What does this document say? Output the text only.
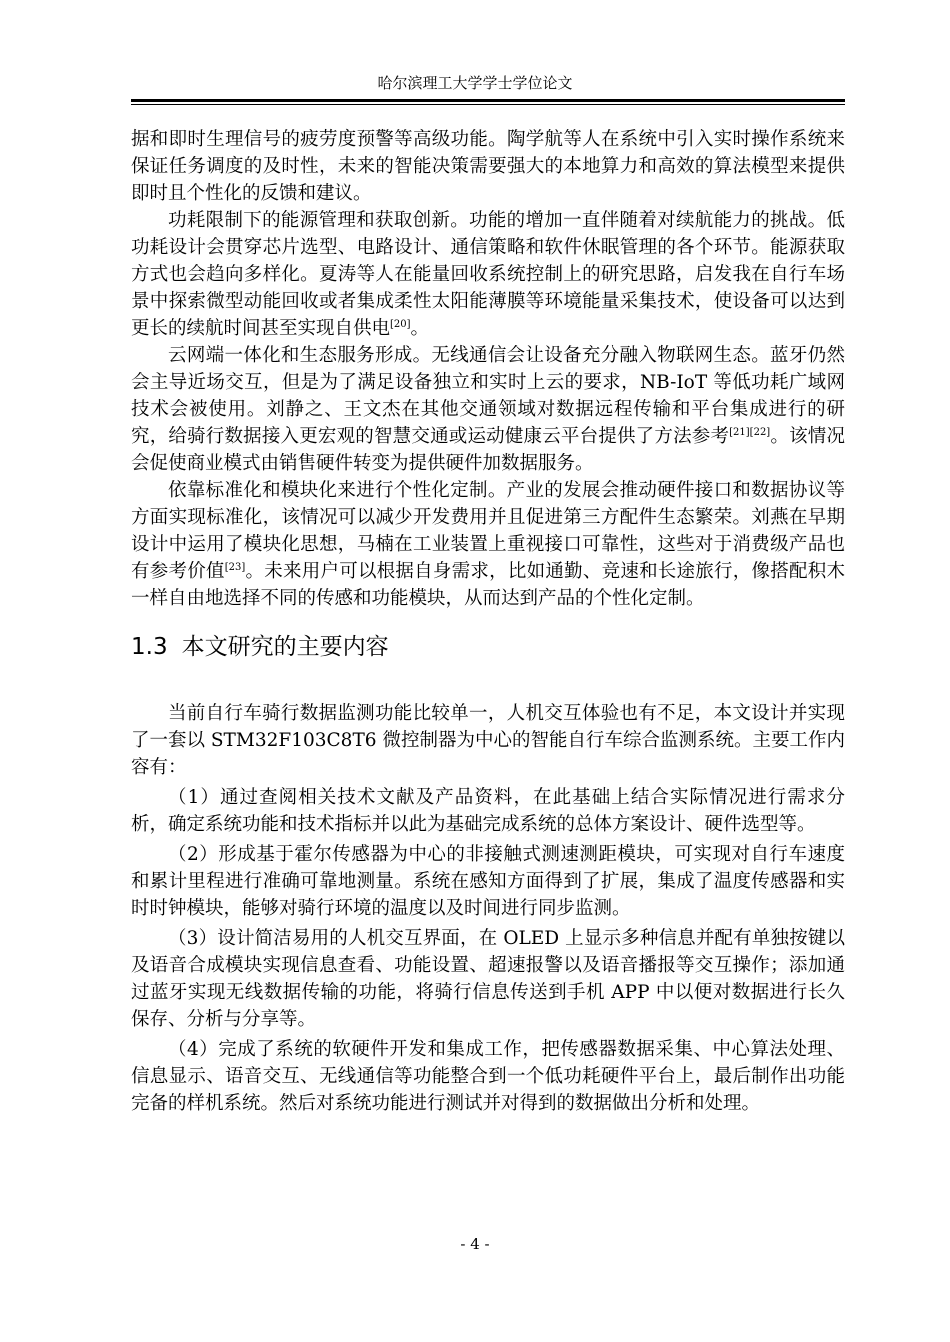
哈尔滨理工大学学士学位论文

据和即时生理信号的疲劳度预警等高级功能。陶学航等人在系统中引入实时操作系统来保证任务调度的及时性，未来的智能决策需要强大的本地算力和高效的算法模型来提供即时且个性化的反馈和建议。

功耗限制下的能源管理和获取创新。功能的增加一直伴随着对续航能力的挑战。低功耗设计会贯穿芯片选型、电路设计、通信策略和软件休眠管理的各个环节。能源获取方式也会趋向多样化。夏涛等人在能量回收系统控制上的研究思路，启发我在自行车场景中探索微型动能回收或者集成柔性太阳能薄膜等环境能量采集技术，使设备可以达到更长的续航时间甚至实现自供电[20]。

云网端一体化和生态服务形成。无线通信会让设备充分融入物联网生态。蓝牙仍然会主导近场交互，但是为了满足设备独立和实时上云的要求，NB-IoT 等低功耗广域网技术会被使用。刘静之、王文杰在其他交通领域对数据远程传输和平台集成进行的研究，给骑行数据接入更宏观的智慧交通或运动健康云平台提供了方法参考[21][22]。该情况会促使商业模式由销售硬件转变为提供硬件加数据服务。

依靠标准化和模块化来进行个性化定制。产业的发展会推动硬件接口和数据协议等方面实现标准化，该情况可以减少开发费用并且促进第三方配件生态繁荣。刘燕在早期设计中运用了模块化思想，马楠在工业装置上重视接口可靠性，这些对于消费级产品也有参考价值[23]。未来用户可以根据自身需求，比如通勤、竞速和长途旅行，像搭配积木一样自由地选择不同的传感和功能模块，从而达到产品的个性化定制。

1.3 本文研究的主要内容

当前自行车骑行数据监测功能比较单一，人机交互体验也有不足，本文设计并实现了一套以 STM32F103C8T6 微控制器为中心的智能自行车综合监测系统。主要工作内容有：

（1）通过查阅相关技术文献及产品资料，在此基础上结合实际情况进行需求分析，确定系统功能和技术指标并以此为基础完成系统的总体方案设计、硬件选型等。

（2）形成基于霍尔传感器为中心的非接触式测速测距模块，可实现对自行车速度和累计里程进行准确可靠地测量。系统在感知方面得到了扩展，集成了温度传感器和实时时钟模块，能够对骑行环境的温度以及时间进行同步监测。

（3）设计简洁易用的人机交互界面，在 OLED 上显示多种信息并配有单独按键以及语音合成模块实现信息查看、功能设置、超速报警以及语音播报等交互操作；添加通过蓝牙实现无线数据传输的功能，将骑行信息传送到手机 APP 中以便对数据进行长久保存、分析与分享等。

（4）完成了系统的软硬件开发和集成工作，把传感器数据采集、中心算法处理、信息显示、语音交互、无线通信等功能整合到一个低功耗硬件平台上，最后制作出功能完备的样机系统。然后对系统功能进行测试并对得到的数据做出分析和处理。

- 4 -
